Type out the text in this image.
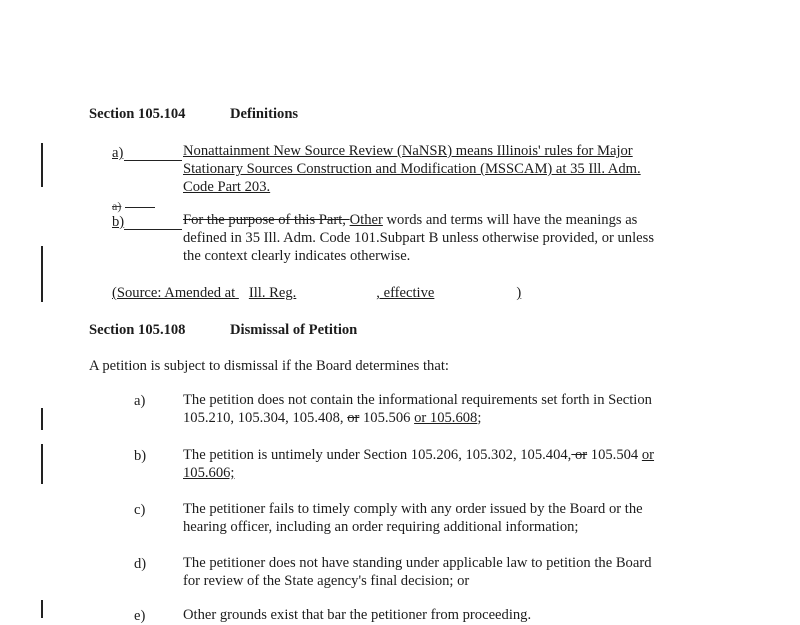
Section 105.104	Definitions
a)	Nonattainment New Source Review (NaNSR) means Illinois' rules for Major
Stationary Sources Construction and Modification (MSSCAM) at 35 Ill. Adm.
Code Part 203.
a)
b)	For the purpose of this Part, Other words and terms will have the meanings as
defined in 35 Ill. Adm. Code 101.Subpart B unless otherwise provided, or unless
the context clearly indicates otherwise.
(Source: Amended at Ill. Reg.	, effective	)
Section 105.108	Dismissal of Petition
A petition is subject to dismissal if the Board determines that:
a)	The petition does not contain the informational requirements set forth in Section
105.210, 105.304, 105.408, or 105.506 or 105.608;
b)	The petition is untimely under Section 105.206, 105.302, 105.404, or 105.504 or
105.606;
c)	The petitioner fails to timely comply with any order issued by the Board or the
hearing officer, including an order requiring additional information;
d)	The petitioner does not have standing under applicable law to petition the Board
for review of the State agency's final decision; or
e)	Other grounds exist that bar the petitioner from proceeding.
